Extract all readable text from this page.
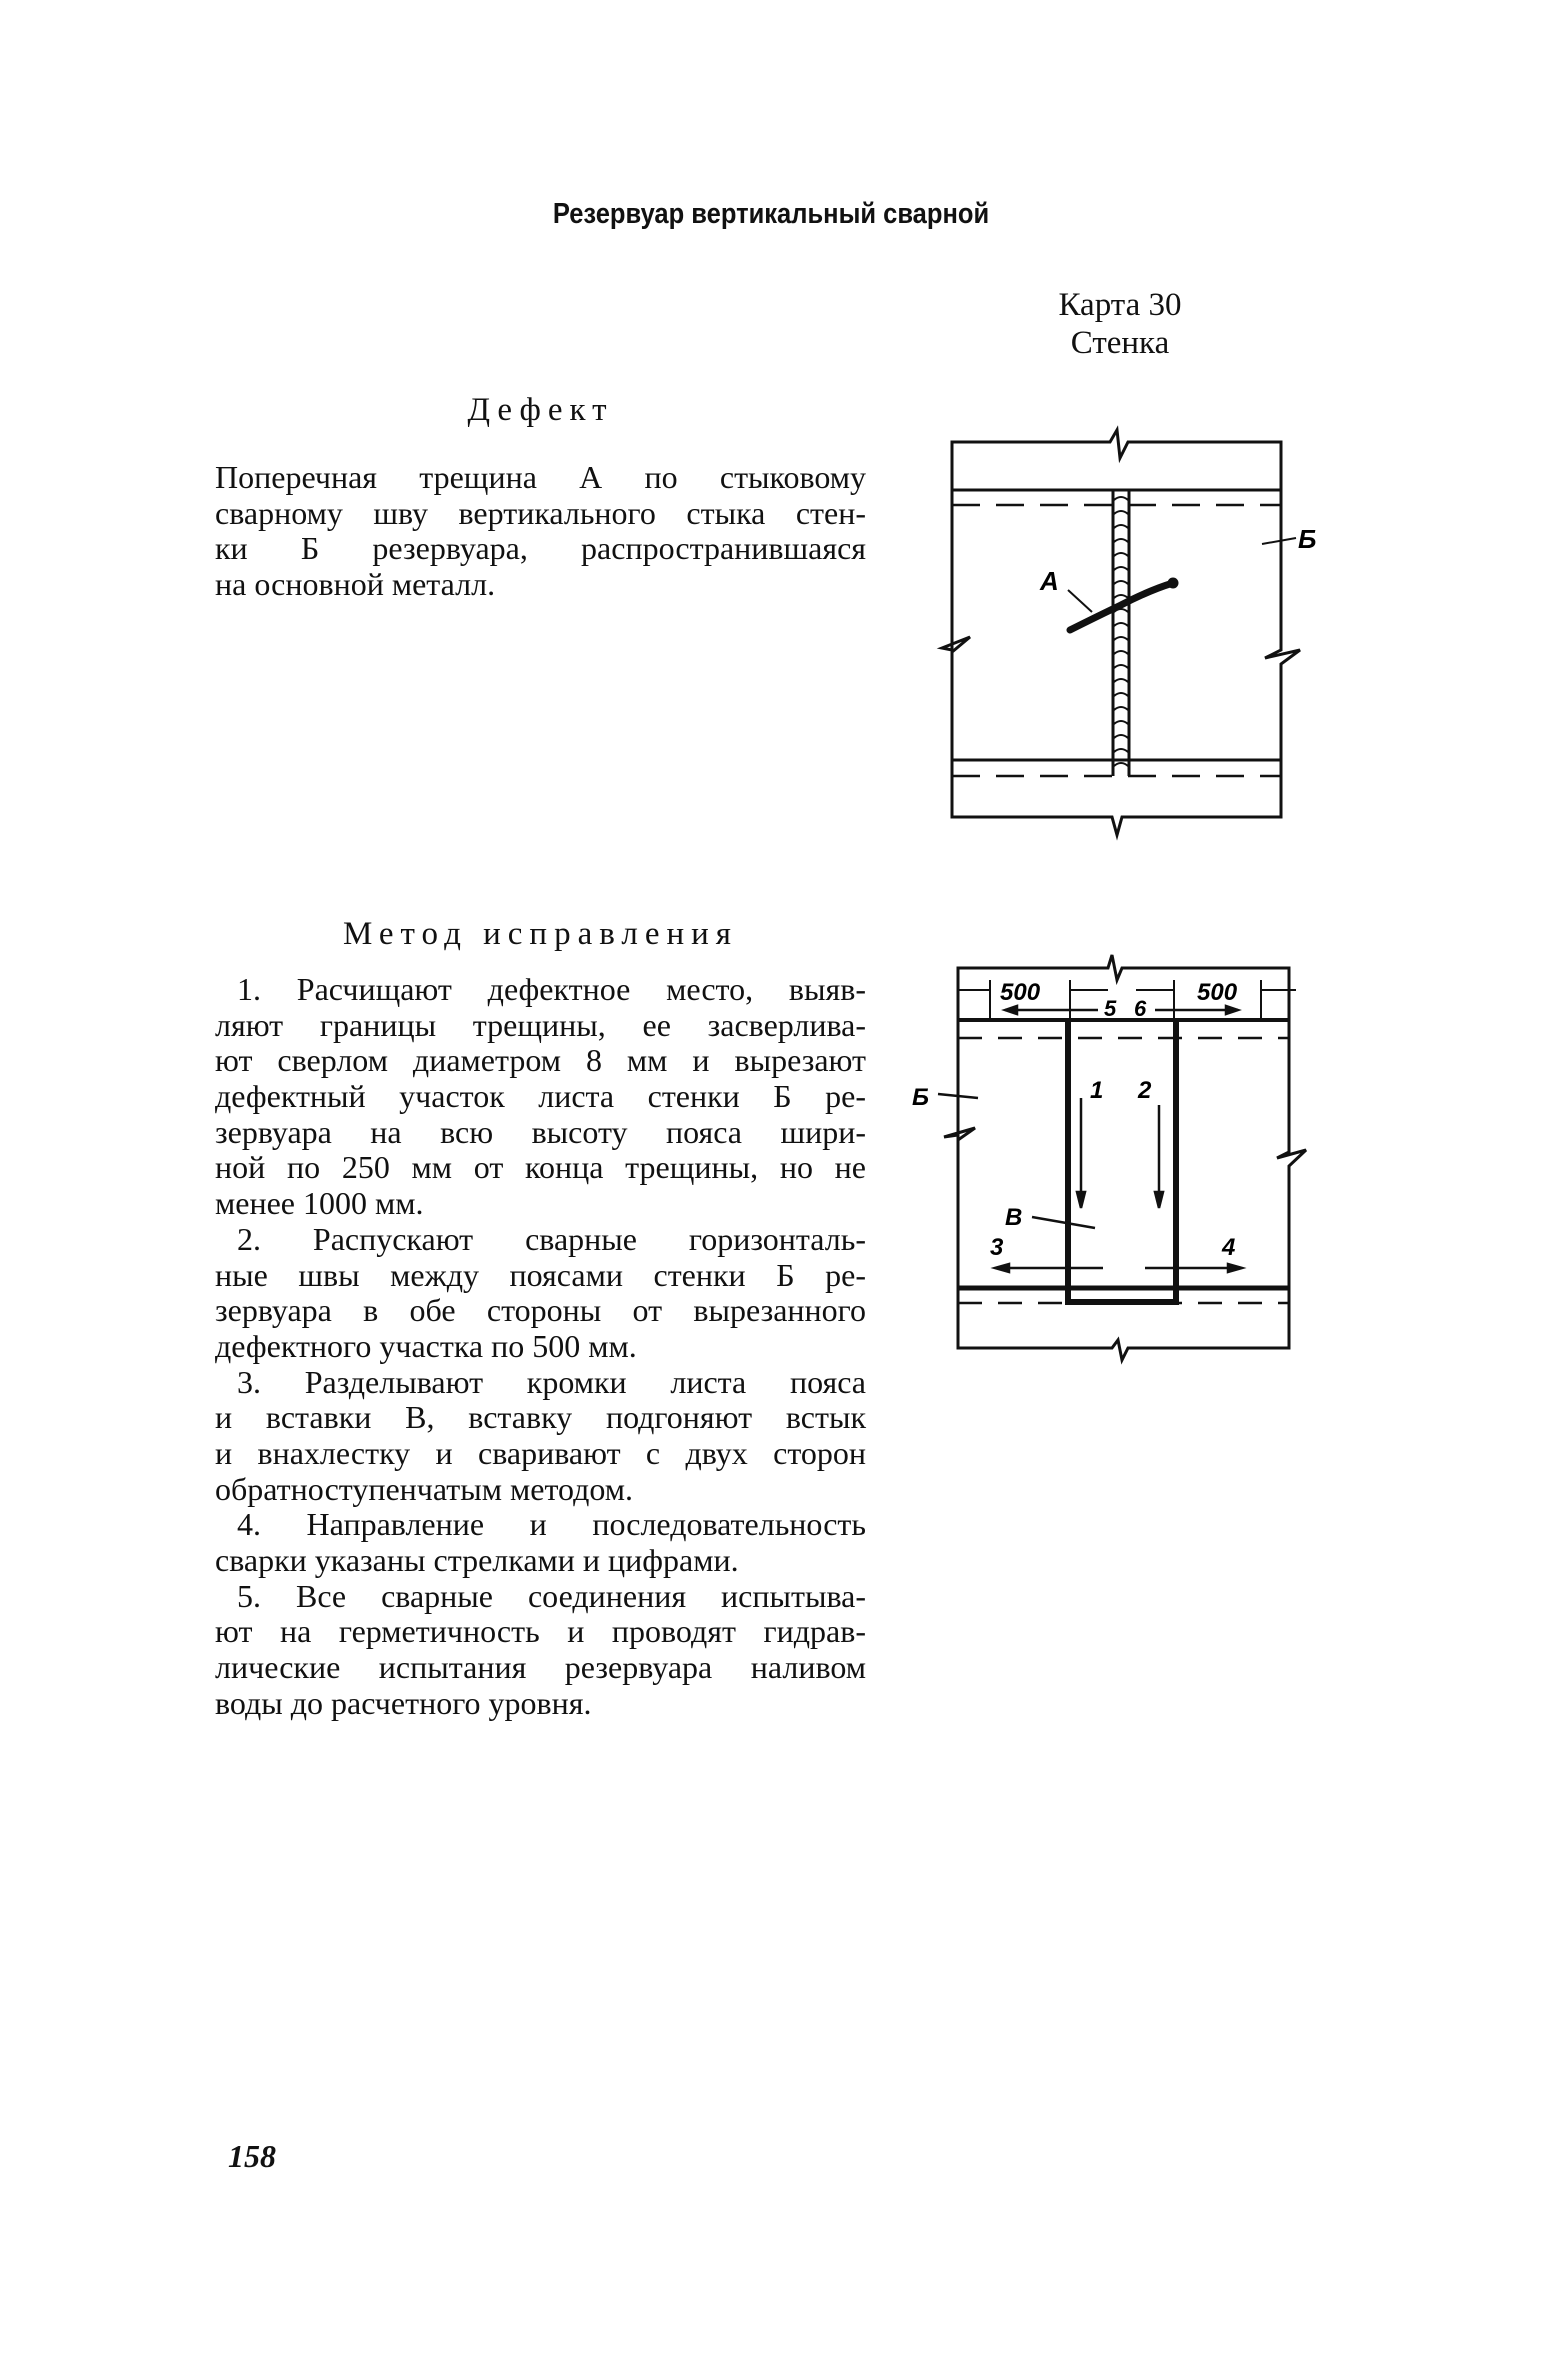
Резервуар вертикальный сварной
Карта 30
Стенка
Дефект
Поперечная трещина А по стыковому
сварному шву вертикального стыка стен-
ки Б резервуара, распространившаяся
на основной металл.
Метод исправления
1. Расчищают дефектное место, выяв-
ляют границы трещины, ее засверлива-
ют сверлом диаметром 8 мм и вырезают
дефектный участок листа стенки Б ре-
зервуара на всю высоту пояса шири-
ной по 250 мм от конца трещины, но не
менее 1000 мм.
2. Распускают сварные горизонталь-
ные швы между поясами стенки Б ре-
зервуара в обе стороны от вырезанного
дефектного участка по 500 мм.
3. Разделывают кромки листа пояса
и вставки В, вставку подгоняют встык
и внахлестку и сваривают с двух сторон
обратноступенчатым методом.
4. Направление и последовательность
сварки указаны стрелками и цифрами.
5. Все сварные соединения испытыва-
ют на герметичность и проводят гидрав-
лические испытания резервуара наливом
воды до расчетного уровня.
А
Б
500	500
5 6
1 2
3	4
В
Б
158
